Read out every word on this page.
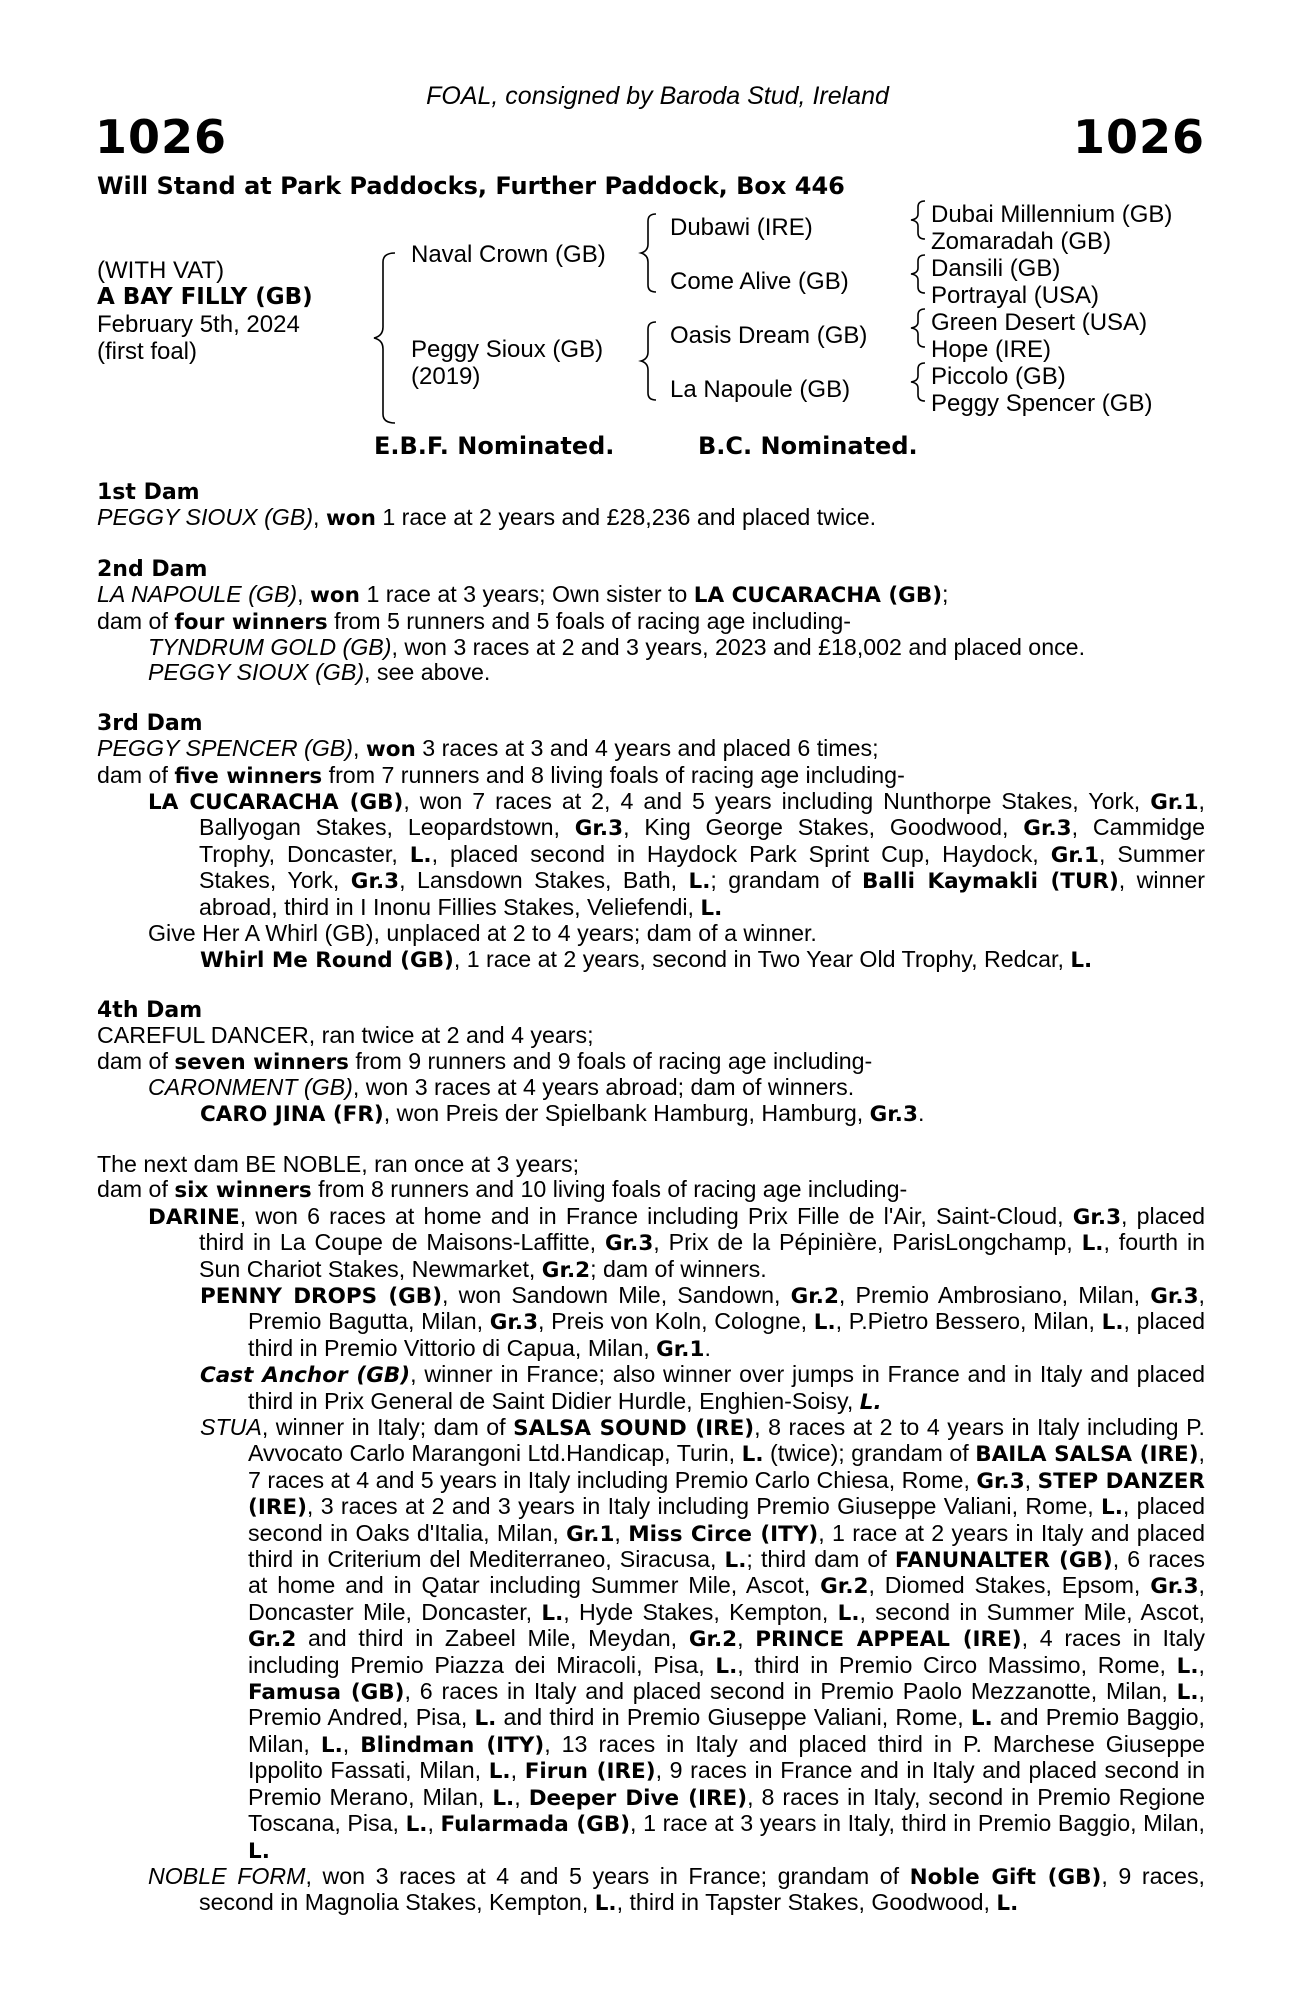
FOAL, consigned by Baroda Stud, Ireland
1026	1026
Will Stand at Park Paddocks, Further Paddock, Box 446
(WITH VAT)
A BAY FILLY (GB)
February 5th, 2024
(first foal)
Naval Crown (GB)
Peggy Sioux (GB)
(2019)
Dubawi (IRE)
Come Alive (GB)
Oasis Dream (GB)
La Napoule (GB)
Dubai Millennium (GB)
Zomaradah (GB)
Dansili (GB)
Portrayal (USA)
Green Desert (USA)
Hope (IRE)
Piccolo (GB)
Peggy Spencer (GB)
E.B.F. Nominated.	B.C. Nominated.
1st Dam
PEGGY SIOUX (GB), won 1 race at 2 years and £28,236 and placed twice.
2nd Dam
LA NAPOULE (GB), won 1 race at 3 years; Own sister to LA CUCARACHA (GB);
dam of four winners from 5 runners and 5 foals of racing age including-
TYNDRUM GOLD (GB), won 3 races at 2 and 3 years, 2023 and £18,002 and placed once.
PEGGY SIOUX (GB), see above.
3rd Dam
PEGGY SPENCER (GB), won 3 races at 3 and 4 years and placed 6 times;
dam of five winners from 7 runners and 8 living foals of racing age including-
LA CUCARACHA (GB), won 7 races at 2, 4 and 5 years including Nunthorpe Stakes, York, Gr.1, Ballyogan Stakes, Leopardstown, Gr.3, King George Stakes, Goodwood, Gr.3, Cammidge Trophy, Doncaster, L., placed second in Haydock Park Sprint Cup, Haydock, Gr.1, Summer Stakes, York, Gr.3, Lansdown Stakes, Bath, L.; grandam of Balli Kaymakli (TUR), winner abroad, third in I Inonu Fillies Stakes, Veliefendi, L.
Give Her A Whirl (GB), unplaced at 2 to 4 years; dam of a winner.
Whirl Me Round (GB), 1 race at 2 years, second in Two Year Old Trophy, Redcar, L.
4th Dam
CAREFUL DANCER, ran twice at 2 and 4 years;
dam of seven winners from 9 runners and 9 foals of racing age including-
CARONMENT (GB), won 3 races at 4 years abroad; dam of winners.
CARO JINA (FR), won Preis der Spielbank Hamburg, Hamburg, Gr.3.
The next dam BE NOBLE, ran once at 3 years;
dam of six winners from 8 runners and 10 living foals of racing age including-
DARINE, won 6 races at home and in France including Prix Fille de l'Air, Saint-Cloud, Gr.3, placed third in La Coupe de Maisons-Laffitte, Gr.3, Prix de la Pépinière, ParisLongchamp, L., fourth in Sun Chariot Stakes, Newmarket, Gr.2; dam of winners.
PENNY DROPS (GB), won Sandown Mile, Sandown, Gr.2, Premio Ambrosiano, Milan, Gr.3, Premio Bagutta, Milan, Gr.3, Preis von Koln, Cologne, L., P.Pietro Bessero, Milan, L., placed third in Premio Vittorio di Capua, Milan, Gr.1.
Cast Anchor (GB), winner in France; also winner over jumps in France and in Italy and placed third in Prix General de Saint Didier Hurdle, Enghien-Soisy, L.
STUA, winner in Italy; dam of SALSA SOUND (IRE), 8 races at 2 to 4 years in Italy including P. Avvocato Carlo Marangoni Ltd.Handicap, Turin, L. (twice); grandam of BAILA SALSA (IRE), 7 races at 4 and 5 years in Italy including Premio Carlo Chiesa, Rome, Gr.3, STEP DANZER (IRE), 3 races at 2 and 3 years in Italy including Premio Giuseppe Valiani, Rome, L., placed second in Oaks d'Italia, Milan, Gr.1, Miss Circe (ITY), 1 race at 2 years in Italy and placed third in Criterium del Mediterraneo, Siracusa, L.; third dam of FANUNALTER (GB), 6 races at home and in Qatar including Summer Mile, Ascot, Gr.2, Diomed Stakes, Epsom, Gr.3, Doncaster Mile, Doncaster, L., Hyde Stakes, Kempton, L., second in Summer Mile, Ascot, Gr.2 and third in Zabeel Mile, Meydan, Gr.2, PRINCE APPEAL (IRE), 4 races in Italy including Premio Piazza dei Miracoli, Pisa, L., third in Premio Circo Massimo, Rome, L., Famusa (GB), 6 races in Italy and placed second in Premio Paolo Mezzanotte, Milan, L., Premio Andred, Pisa, L. and third in Premio Giuseppe Valiani, Rome, L. and Premio Baggio, Milan, L., Blindman (ITY), 13 races in Italy and placed third in P. Marchese Giuseppe Ippolito Fassati, Milan, L., Firun (IRE), 9 races in France and in Italy and placed second in Premio Merano, Milan, L., Deeper Dive (IRE), 8 races in Italy, second in Premio Regione Toscana, Pisa, L., Fularmada (GB), 1 race at 3 years in Italy, third in Premio Baggio, Milan, L.
NOBLE FORM, won 3 races at 4 and 5 years in France; grandam of Noble Gift (GB), 9 races, second in Magnolia Stakes, Kempton, L., third in Tapster Stakes, Goodwood, L.
